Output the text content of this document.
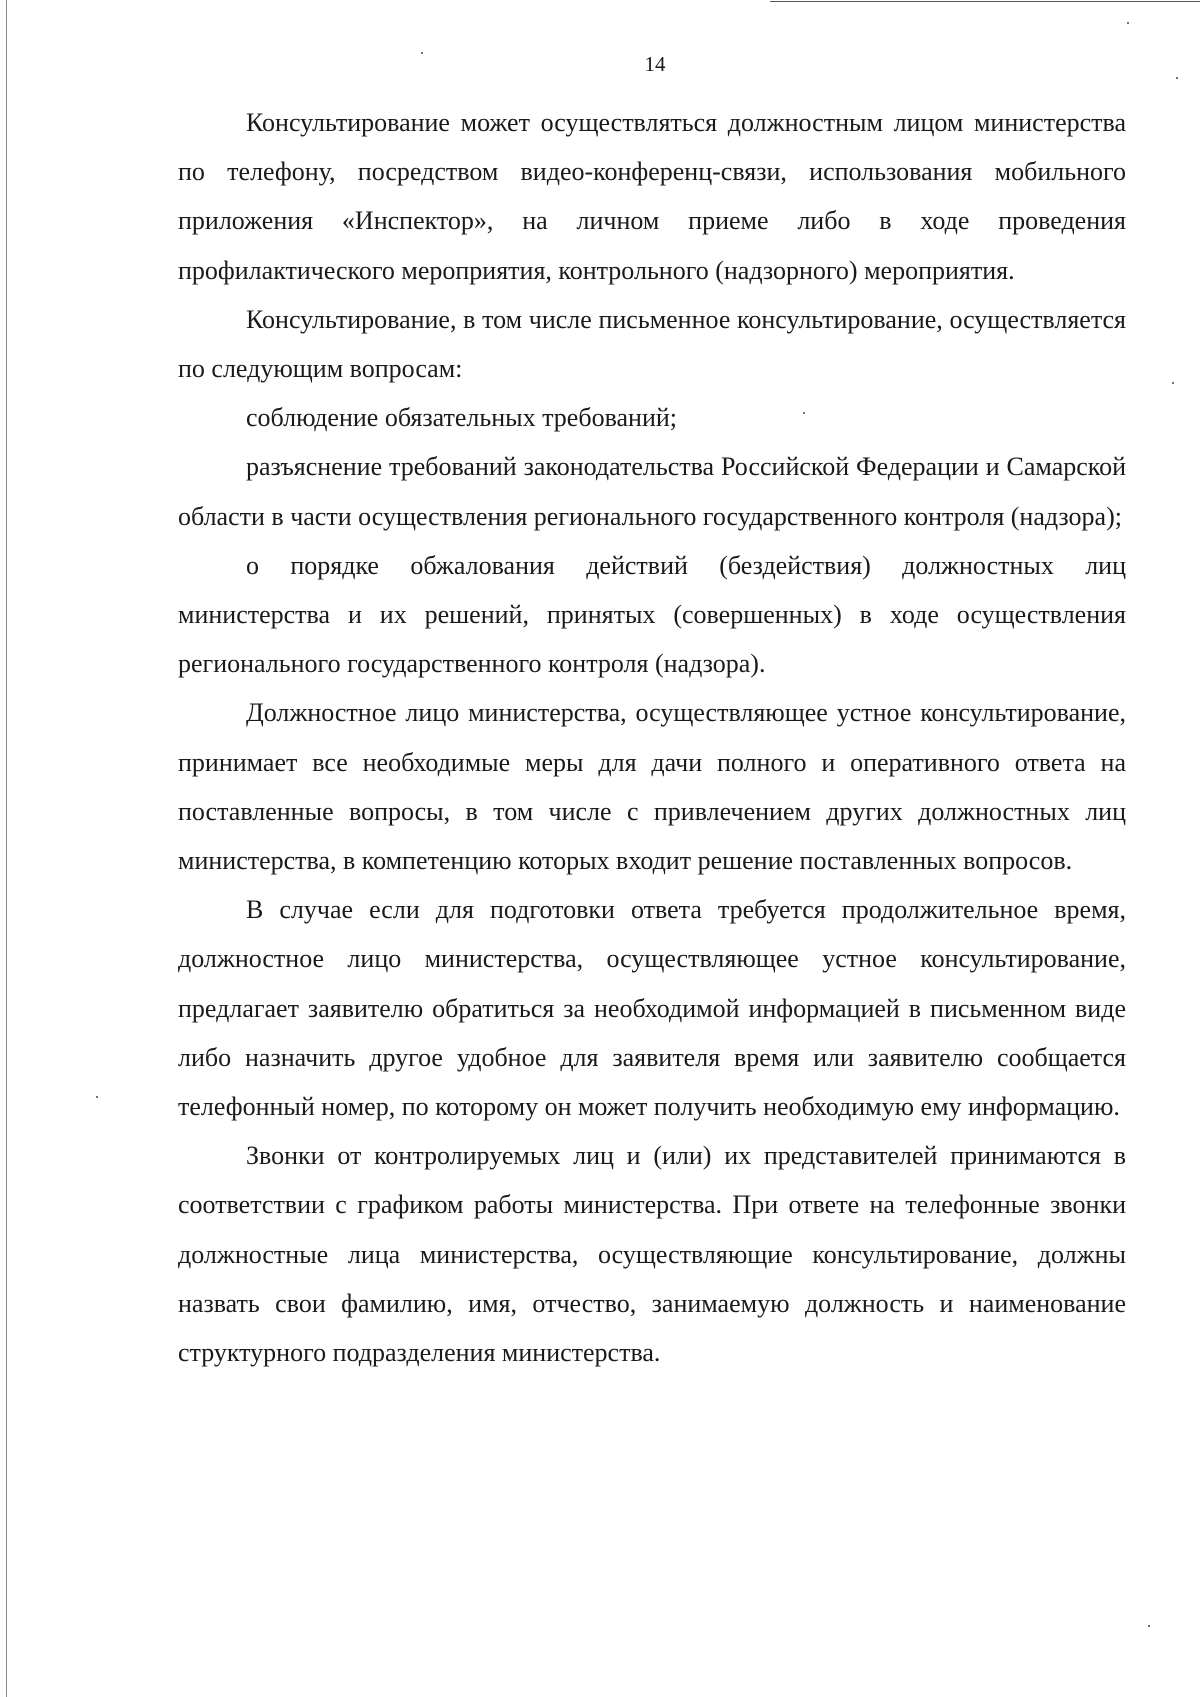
14

Консультирование может осуществляться должностным лицом министерства по телефону, посредством видео-конференц-связи, использования мобильного приложения «Инспектор», на личном приеме либо в ходе проведения профилактического мероприятия, контрольного (надзорного) мероприятия.

Консультирование, в том числе письменное консультирование, осуществляется по следующим вопросам:

соблюдение обязательных требований;

разъяснение требований законодательства Российской Федерации и Самарской области в части осуществления регионального государственного контроля (надзора);

о порядке обжалования действий (бездействия) должностных лиц министерства и их решений, принятых (совершенных) в ходе осуществления регионального государственного контроля (надзора).

Должностное лицо министерства, осуществляющее устное консультирование, принимает все необходимые меры для дачи полного и оперативного ответа на поставленные вопросы, в том числе с привлечением других должностных лиц министерства, в компетенцию которых входит решение поставленных вопросов.

В случае если для подготовки ответа требуется продолжительное время, должностное лицо министерства, осуществляющее устное консультирование, предлагает заявителю обратиться за необходимой информацией в письменном виде либо назначить другое удобное для заявителя время или заявителю сообщается телефонный номер, по которому он может получить необходимую ему информацию.

Звонки от контролируемых лиц и (или) их представителей принимаются в соответствии с графиком работы министерства. При ответе на телефонные звонки должностные лица министерства, осуществляющие консультирование, должны назвать свои фамилию, имя, отчество, занимаемую должность и наименование структурного подразделения министерства.
